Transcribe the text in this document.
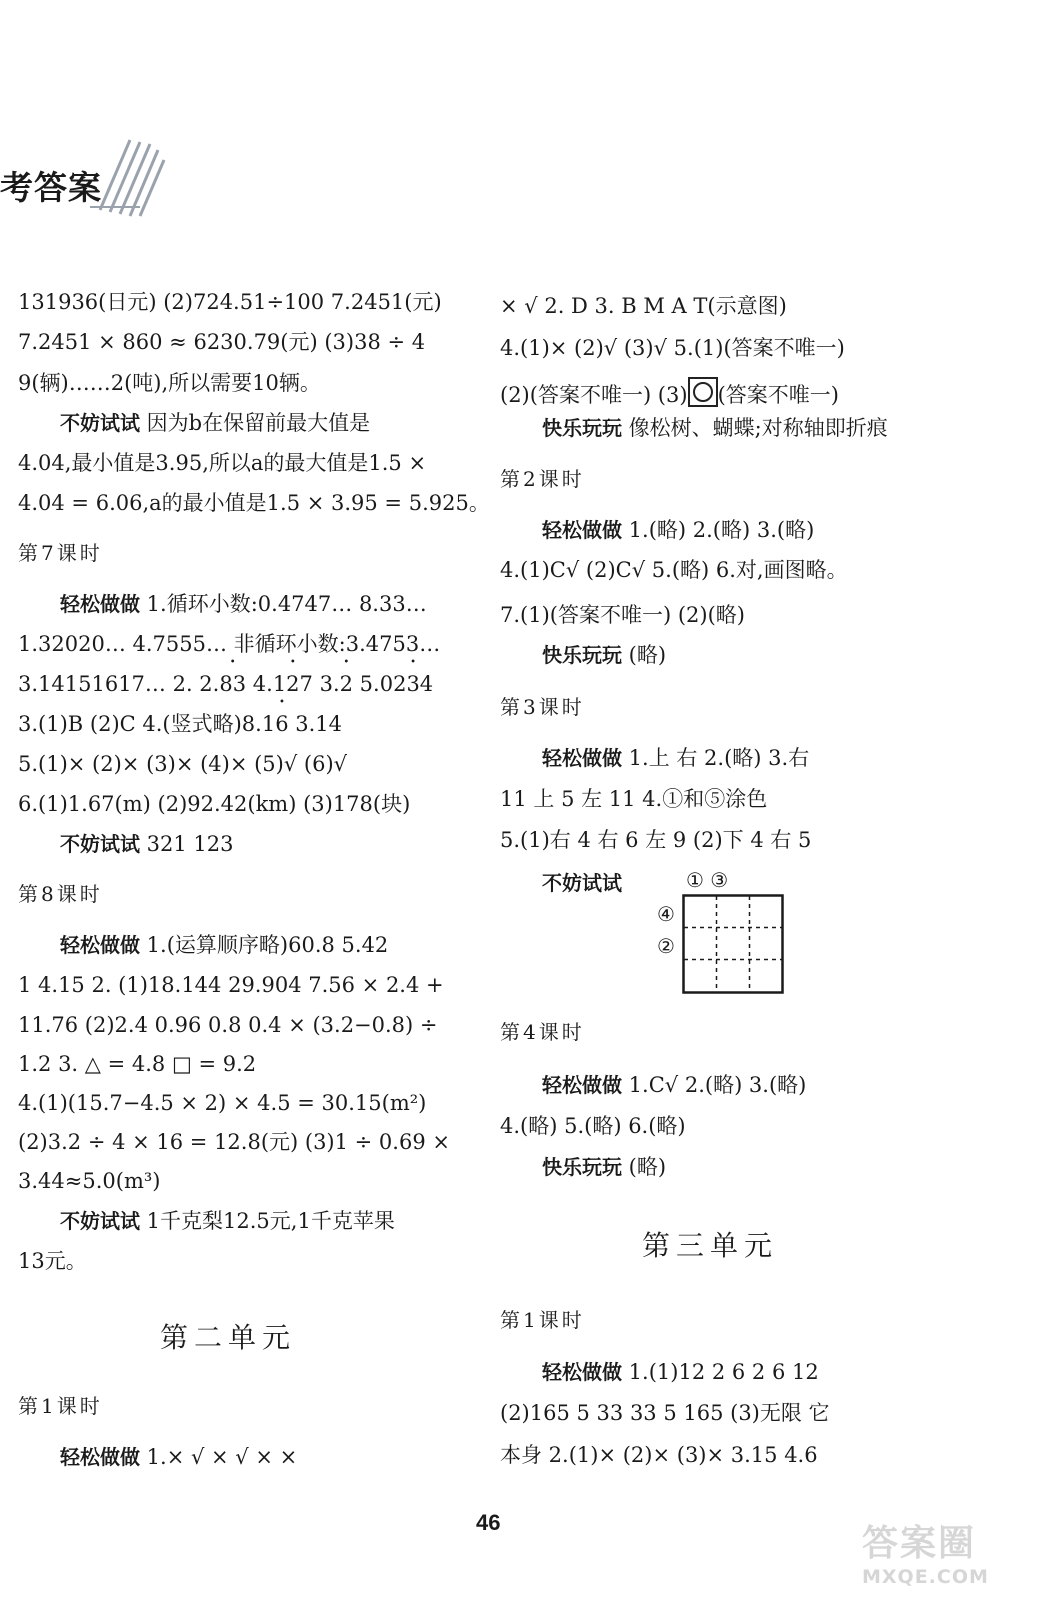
考答案
131936(日元) (2)724.51÷100 7.2451(元)
7.2451 × 860 ≈ 6230.79(元) (3)38 ÷ 4
9(辆)……2(吨),所以需要10辆。
不妨试试 因为b在保留前最大值是
4.04,最小值是3.95,所以a的最大值是1.5 ×
4.04 = 6.06,a的最小值是1.5 × 3.95 = 5.925。
第7课时
轻松做做 1.循环小数:0.4747… 8.33…
1.32020… 4.7555… 非循环小数:3.4753…
3.14151617… 2. 2.• 83 4.• 127 3.• 2 5.0• 234
3.(1)B (2)C 4.(竖式略)8.1• 6 3.14
5.(1)× (2)× (3)× (4)× (5)√ (6)√
6.(1)1.67(m) (2)92.42(km) (3)178(块)
不妨试试 321 123
第8课时
轻松做做 1.(运算顺序略)60.8 5.42
1 4.15 2. (1)18.144 29.904 7.56 × 2.4 +
11.76 (2)2.4 0.96 0.8 0.4 × (3.2−0.8) ÷
1.2 3. △ = 4.8 □ = 9.2
4.(1)(15.7−4.5 × 2) × 4.5 = 30.15(m²)
(2)3.2 ÷ 4 × 16 = 12.8(元) (3)1 ÷ 0.69 ×
3.44≈5.0(m³)
不妨试试 1千克梨12.5元,1千克苹果
13元。
第二单元
第1课时
轻松做做 1.× √ × √ × ×
× √ 2. D 3. B M A T(示意图)
4.(1)× (2)√ (3)√ 5.(1)(答案不唯一)
(2)(答案不唯一) (3) (答案不唯一)
快乐玩玩 像松树、蝴蝶;对称轴即折痕
第2课时
轻松做做 1.(略) 2.(略) 3.(略)
4.(1)C√ (2)C√ 5.(略) 6.对,画图略。
7.(1)(答案不唯一) (2)(略)
快乐玩玩 (略)
第3课时
轻松做做 1.上 右 2.(略) 3.右
11 上 5 左 11 4.①和⑤涂色
5.(1)右 4 右 6 左 9 (2)下 4 右 5
不妨试试	① ③
④
②
第4课时
轻松做做 1.C√ 2.(略) 3.(略)
4.(略) 5.(略) 6.(略)
快乐玩玩 (略)
第三单元
第1课时
轻松做做 1.(1)12 2 6 2 6 12
(2)165 5 33 33 5 165 (3)无限 它
本身 2.(1)× (2)× (3)× 3.15 4.6
46
答案圈
MXQE.COM
